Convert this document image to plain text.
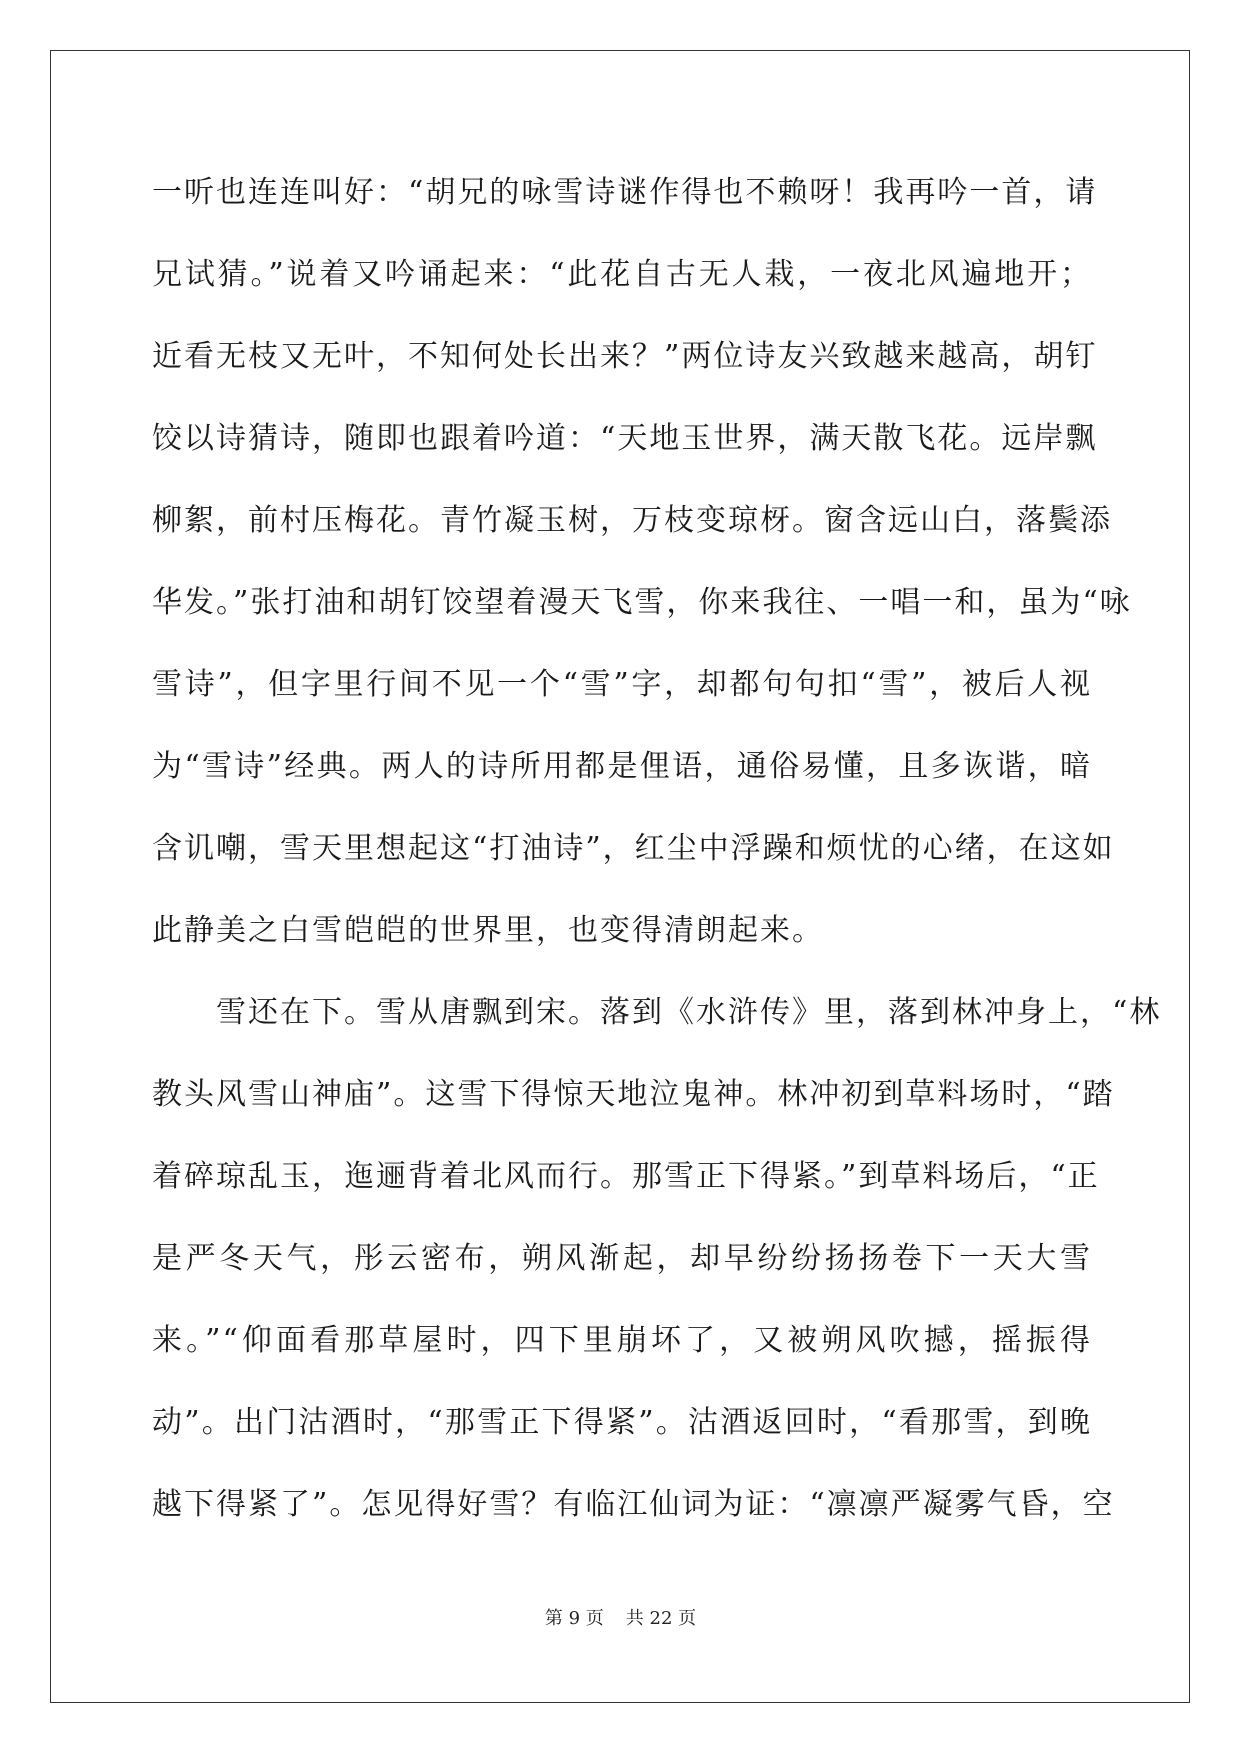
一听也连连叫好：“胡兄的咏雪诗谜作得也不赖呀！我再吟一首，请
兄试猜。”说着又吟诵起来：“此花自古无人栽，一夜北风遍地开；
近看无枝又无叶，不知何处长出来？”两位诗友兴致越来越高，胡钉
饺以诗猜诗，随即也跟着吟道：“天地玉世界，满天散飞花。远岸飘
柳絮，前村压梅花。青竹凝玉树，万枝变琼枒。窗含远山白，落鬓添
华发。”张打油和胡钉饺望着漫天飞雪，你来我往、一唱一和，虽为“咏
雪诗”，但字里行间不见一个“雪”字，却都句句扣“雪”，被后人视
为“雪诗”经典。两人的诗所用都是俚语，通俗易懂，且多诙谐，暗
含讥嘲，雪天里想起这“打油诗”，红尘中浮躁和烦忧的心绪，在这如
此静美之白雪皑皑的世界里，也变得清朗起来。
　　雪还在下。雪从唐飘到宋。落到《水浒传》里，落到林冲身上，“林
教头风雪山神庙”。这雪下得惊天地泣鬼神。林冲初到草料场时，“踏
着碎琼乱玉，迤逦背着北风而行。那雪正下得紧。”到草料场后，“正
是严冬天气，彤云密布，朔风渐起，却早纷纷扬扬卷下一天大雪
来。”“仰面看那草屋时，四下里崩坏了，又被朔风吹撼，摇振得
动”。出门沽酒时，“那雪正下得紧”。沽酒返回时，“看那雪，到晚
越下得紧了”。怎见得好雪？有临江仙词为证：“凛凛严凝雾气昏，空
第 9 页 共 22 页
